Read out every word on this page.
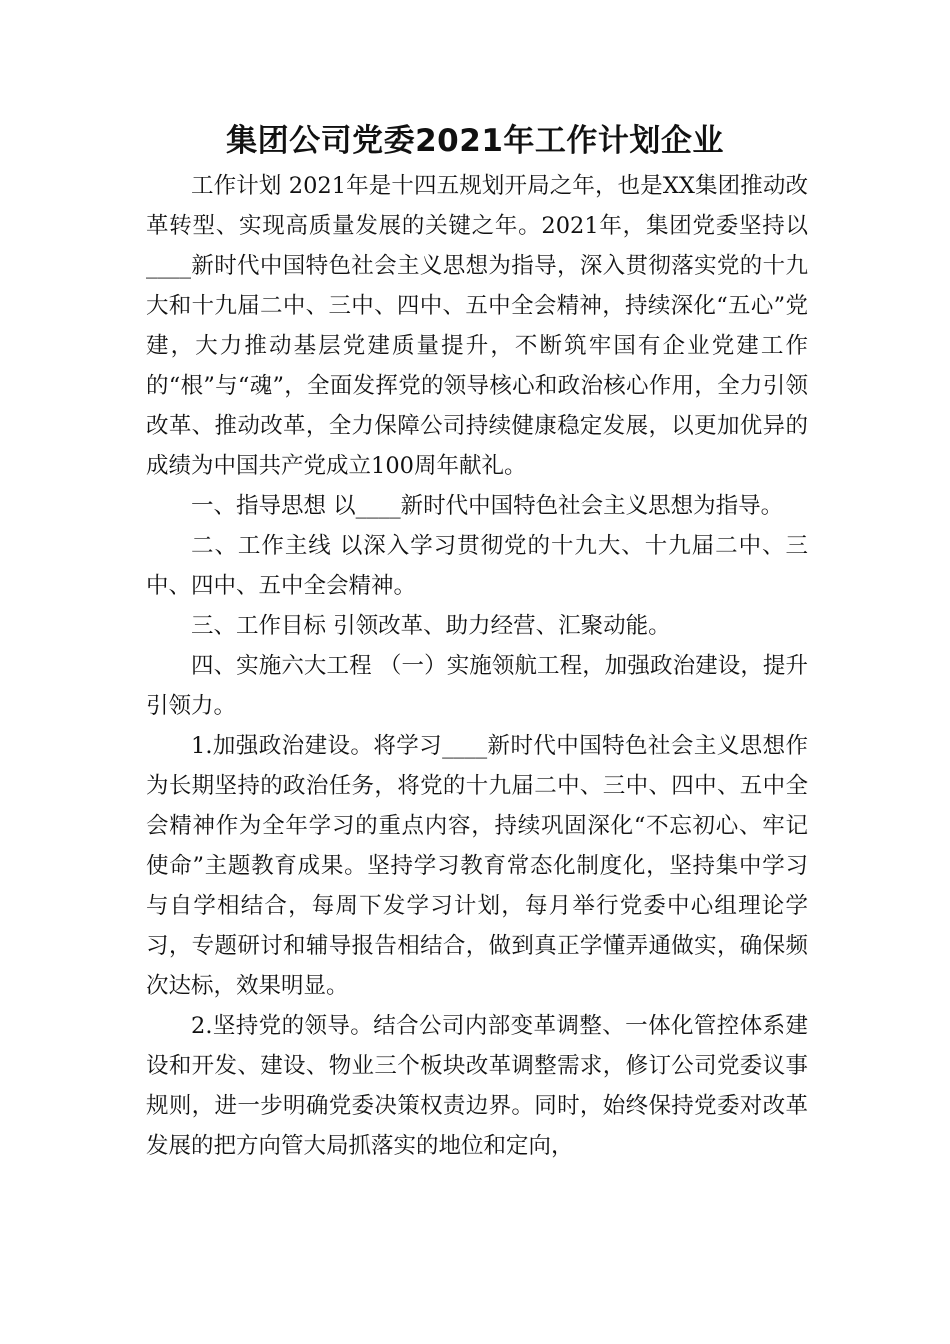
集团公司党委2021年工作计划企业

工作计划 2021年是十四五规划开局之年，也是XX集团推动改革转型、实现高质量发展的关键之年。2021年，集团党委坚持以____新时代中国特色社会主义思想为指导，深入贯彻落实党的十九大和十九届二中、三中、四中、五中全会精神，持续深化“五心”党建，大力推动基层党建质量提升，不断筑牢国有企业党建工作的“根”与“魂”，全面发挥党的领导核心和政治核心作用，全力引领改革、推动改革，全力保障公司持续健康稳定发展，以更加优异的成绩为中国共产党成立100周年献礼。

一、指导思想 以____新时代中国特色社会主义思想为指导。

二、工作主线 以深入学习贯彻党的十九大、十九届二中、三中、四中、五中全会精神。

三、工作目标 引领改革、助力经营、汇聚动能。

四、实施六大工程 （一）实施领航工程，加强政治建设，提升引领力。

1.加强政治建设。将学习____新时代中国特色社会主义思想作为长期坚持的政治任务，将党的十九届二中、三中、四中、五中全会精神作为全年学习的重点内容，持续巩固深化“不忘初心、牢记使命”主题教育成果。坚持学习教育常态化制度化，坚持集中学习与自学相结合，每周下发学习计划，每月举行党委中心组理论学习，专题研讨和辅导报告相结合，做到真正学懂弄通做实，确保频次达标，效果明显。

2.坚持党的领导。结合公司内部变革调整、一体化管控体系建设和开发、建设、物业三个板块改革调整需求，修订公司党委议事规则，进一步明确党委决策权责边界。同时，始终保持党委对改革发展的把方向管大局抓落实的地位和定向，
